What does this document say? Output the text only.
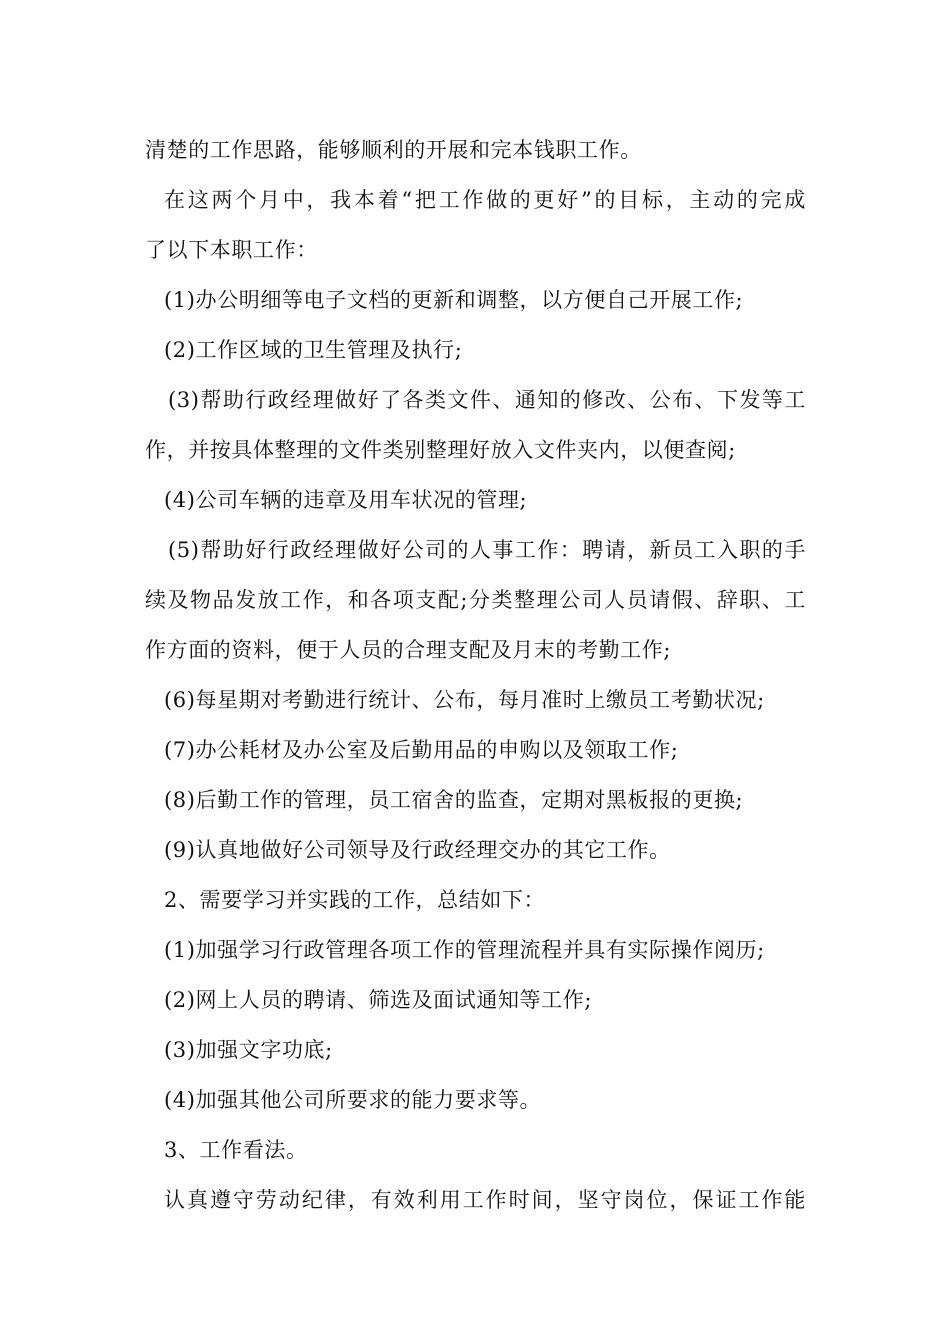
清楚的工作思路，能够顺利的开展和完本钱职工作。
在这两个月中，我本着“把工作做的更好”的目标，主动的完成
了以下本职工作：
(1)办公明细等电子文档的更新和调整，以方便自己开展工作;
(2)工作区域的卫生管理及执行;
(3)帮助行政经理做好了各类文件、通知的修改、公布、下发等工
作，并按具体整理的文件类别整理好放入文件夹内，以便查阅;
(4)公司车辆的违章及用车状况的管理;
(5)帮助好行政经理做好公司的人事工作：聘请，新员工入职的手
续及物品发放工作，和各项支配;分类整理公司人员请假、辞职、工
作方面的资料，便于人员的合理支配及月末的考勤工作;
(6)每星期对考勤进行统计、公布，每月准时上缴员工考勤状况;
(7)办公耗材及办公室及后勤用品的申购以及领取工作;
(8)后勤工作的管理，员工宿舍的监查，定期对黑板报的更换;
(9)认真地做好公司领导及行政经理交办的其它工作。
2、需要学习并实践的工作，总结如下：
(1)加强学习行政管理各项工作的管理流程并具有实际操作阅历;
(2)网上人员的聘请、筛选及面试通知等工作;
(3)加强文字功底;
(4)加强其他公司所要求的能力要求等。
3、工作看法。
认真遵守劳动纪律，有效利用工作时间，坚守岗位，保证工作能
